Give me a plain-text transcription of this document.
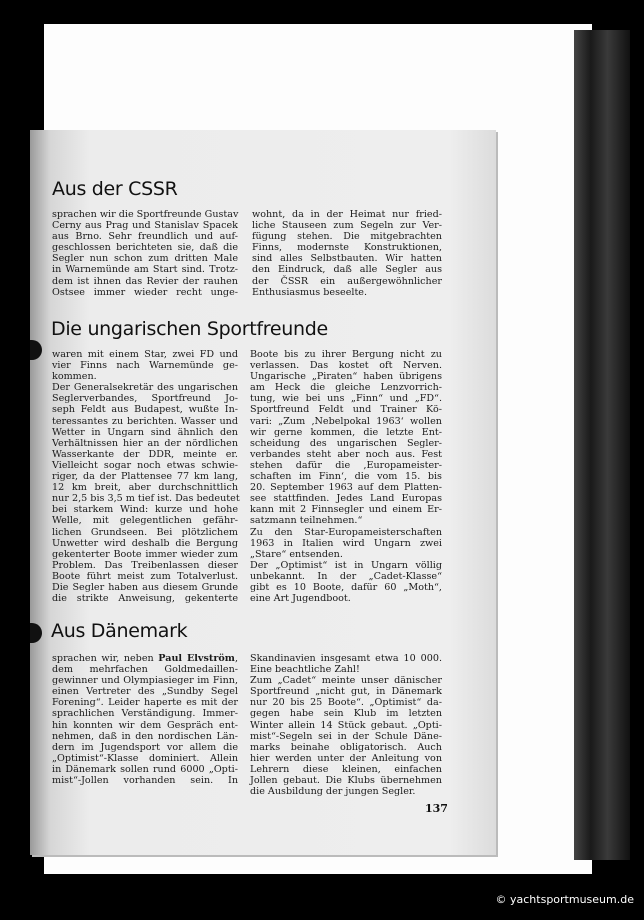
Aus der CSSR
sprachen wir die Sportfreunde Gustav
Cerny aus Prag und Stanislav Spacek
aus Brno. Sehr freundlich und auf-
geschlossen berichteten sie, daß die
Segler nun schon zum dritten Male
in Warnemünde am Start sind. Trotz-
dem ist ihnen das Revier der rauhen
Ostsee immer wieder recht unge-
wohnt, da in der Heimat nur fried-
liche Stauseen zum Segeln zur Ver-
fügung stehen. Die mitgebrachten
Finns, modernste Konstruktionen,
sind alles Selbstbauten. Wir hatten
den Eindruck, daß alle Segler aus
der ČSSR ein außergewöhnlicher
Enthusiasmus beseelte.
Die ungarischen Sportfreunde
waren mit einem Star, zwei FD und
vier Finns nach Warnemünde ge-
kommen.
Der Generalsekretär des ungarischen
Seglerverbandes, Sportfreund Jo-
seph Feldt aus Budapest, wußte In-
teressantes zu berichten. Wasser und
Wetter in Ungarn sind ähnlich den
Verhältnissen hier an der nördlichen
Wasserkante der DDR, meinte er.
Vielleicht sogar noch etwas schwie-
riger, da der Plattensee 77 km lang,
12 km breit, aber durchschnittlich
nur 2,5 bis 3,5 m tief ist. Das bedeutet
bei starkem Wind: kurze und hohe
Welle, mit gelegentlichen gefähr-
lichen Grundseen. Bei plötzlichem
Unwetter wird deshalb die Bergung
gekenterter Boote immer wieder zum
Problem. Das Treibenlassen dieser
Boote führt meist zum Totalverlust.
Die Segler haben aus diesem Grunde
die strikte Anweisung, gekenterte
Boote bis zu ihrer Bergung nicht zu
verlassen. Das kostet oft Nerven.
Ungarische „Piraten“ haben übrigens
am Heck die gleiche Lenzvorrich-
tung, wie bei uns „Finn“ und „FD“.
Sportfreund Feldt und Trainer Kö-
vari: „Zum ‚Nebelpokal 1963‘ wollen
wir gerne kommen, die letzte Ent-
scheidung des ungarischen Segler-
verbandes steht aber noch aus. Fest
stehen dafür die ‚Europameister-
schaften im Finn‘, die vom 15. bis
20. September 1963 auf dem Platten-
see stattfinden. Jedes Land Europas
kann mit 2 Finnsegler und einem Er-
satzmann teilnehmen.“
Zu den Star-Europameisterschaften
1963 in Italien wird Ungarn zwei
„Stare“ entsenden.
Der „Optimist“ ist in Ungarn völlig
unbekannt. In der „Cadet-Klasse“
gibt es 10 Boote, dafür 60 „Moth“,
eine Art Jugendboot.
Aus Dänemark
sprachen wir, neben Paul Elvström,
dem mehrfachen Goldmedaillen-
gewinner und Olympiasieger im Finn,
einen Vertreter des „Sundby Segel
Forening“. Leider haperte es mit der
sprachlichen Verständigung. Immer-
hin konnten wir dem Gespräch ent-
nehmen, daß in den nordischen Län-
dern im Jugendsport vor allem die
„Optimist“-Klasse dominiert. Allein
in Dänemark sollen rund 6000 „Opti-
mist“-Jollen vorhanden sein. In
Skandinavien insgesamt etwa 10 000.
Eine beachtliche Zahl!
Zum „Cadet“ meinte unser dänischer
Sportfreund „nicht gut, in Dänemark
nur 20 bis 25 Boote“. „Optimist“ da-
gegen habe sein Klub im letzten
Winter allein 14 Stück gebaut. „Opti-
mist“-Segeln sei in der Schule Däne-
marks beinahe obligatorisch. Auch
hier werden unter der Anleitung von
Lehrern diese kleinen, einfachen
Jollen gebaut. Die Klubs übernehmen
die Ausbildung der jungen Segler.
137
© yachtsportmuseum.de
